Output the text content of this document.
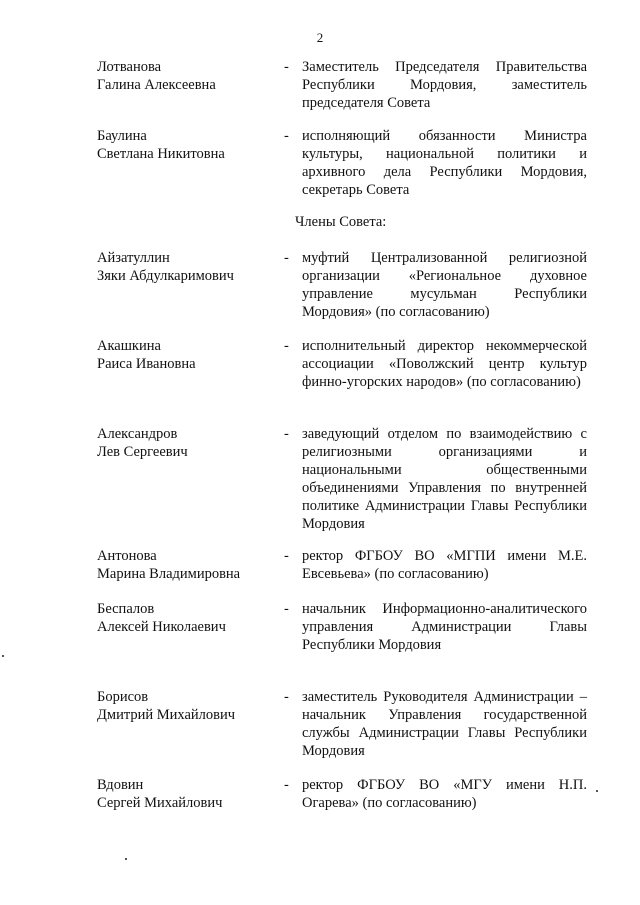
2
Лотванова
Галина Алексеевна
- Заместитель Председателя Правительства Республики Мордовия, заместитель председателя Совета
Баулина
Светлана Никитовна
- исполняющий обязанности Министра культуры, национальной политики и архивного дела Республики Мордовия, секретарь Совета
Члены Совета:
Айзатуллин
Зяки Абдулкаримович
- муфтий Централизованной религиозной организации «Региональное духовное управление мусульман Республики Мордовия» (по согласованию)
Акашкина
Раиса Ивановна
- исполнительный директор некоммерческой ассоциации «Поволжский центр культур финно-угорских народов» (по согласованию)
Александров
Лев Сергеевич
- заведующий отделом по взаимодействию с религиозными организациями и национальными общественными объединениями Управления по внутренней политике Администрации Главы Республики Мордовия
Антонова
Марина Владимировна
- ректор ФГБОУ ВО «МГПИ имени М.Е. Евсевьева» (по согласованию)
Беспалов
Алексей Николаевич
- начальник Информационно-аналитического управления Администрации Главы Республики Мордовия
Борисов
Дмитрий Михайлович
- заместитель Руководителя Администрации – начальник Управления государственной службы Администрации Главы Республики Мордовия
Вдовин
Сергей Михайлович
- ректор ФГБОУ ВО «МГУ имени Н.П. Огарева» (по согласованию)
